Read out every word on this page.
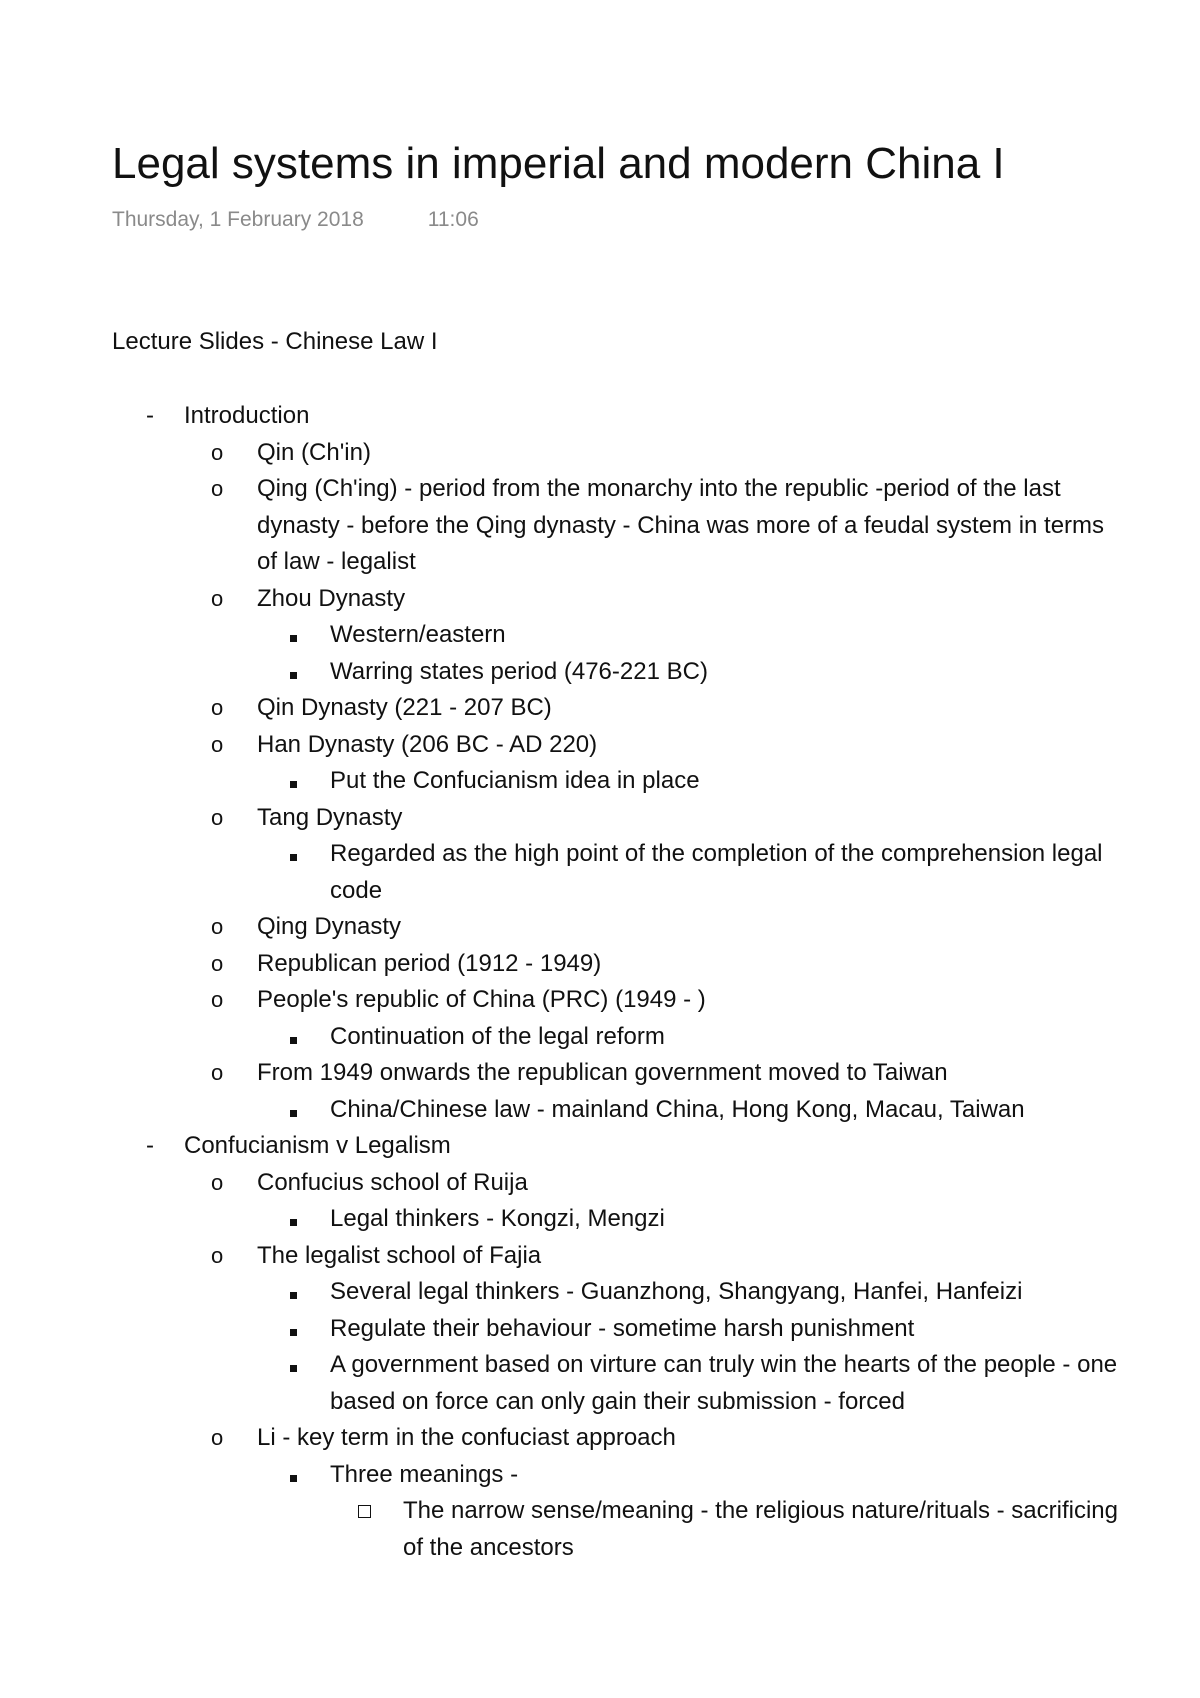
Legal systems in imperial and modern China I
Thursday, 1 February 2018	11:06
Lecture Slides - Chinese Law I
- Introduction
o Qin (Ch'in)
o Qing (Ch'ing) - period from the monarchy into the republic -period of the last dynasty - before the Qing dynasty - China was more of a feudal system in terms of law - legalist
o Zhou Dynasty
Western/eastern
Warring states period (476-221 BC)
o Qin Dynasty (221 - 207 BC)
o Han Dynasty (206 BC - AD 220)
Put the Confucianism idea in place
o Tang Dynasty
Regarded as the high point of the completion of the comprehension legal code
o Qing Dynasty
o Republican period (1912 - 1949)
o People's republic of China (PRC) (1949 - )
Continuation of the legal reform
o From 1949 onwards the republican government moved to Taiwan
China/Chinese law - mainland China, Hong Kong, Macau, Taiwan
- Confucianism v Legalism
o Confucius school of Ruija
Legal thinkers - Kongzi, Mengzi
o The legalist school of Fajia
Several legal thinkers - Guanzhong, Shangyang, Hanfei, Hanfeizi
Regulate their behaviour - sometime harsh punishment
A government based on virture can truly win the hearts of the people - one based on force can only gain their submission - forced
o Li - key term in the confuciast approach
Three meanings -
The narrow sense/meaning - the religious nature/rituals - sacrificing of the ancestors
